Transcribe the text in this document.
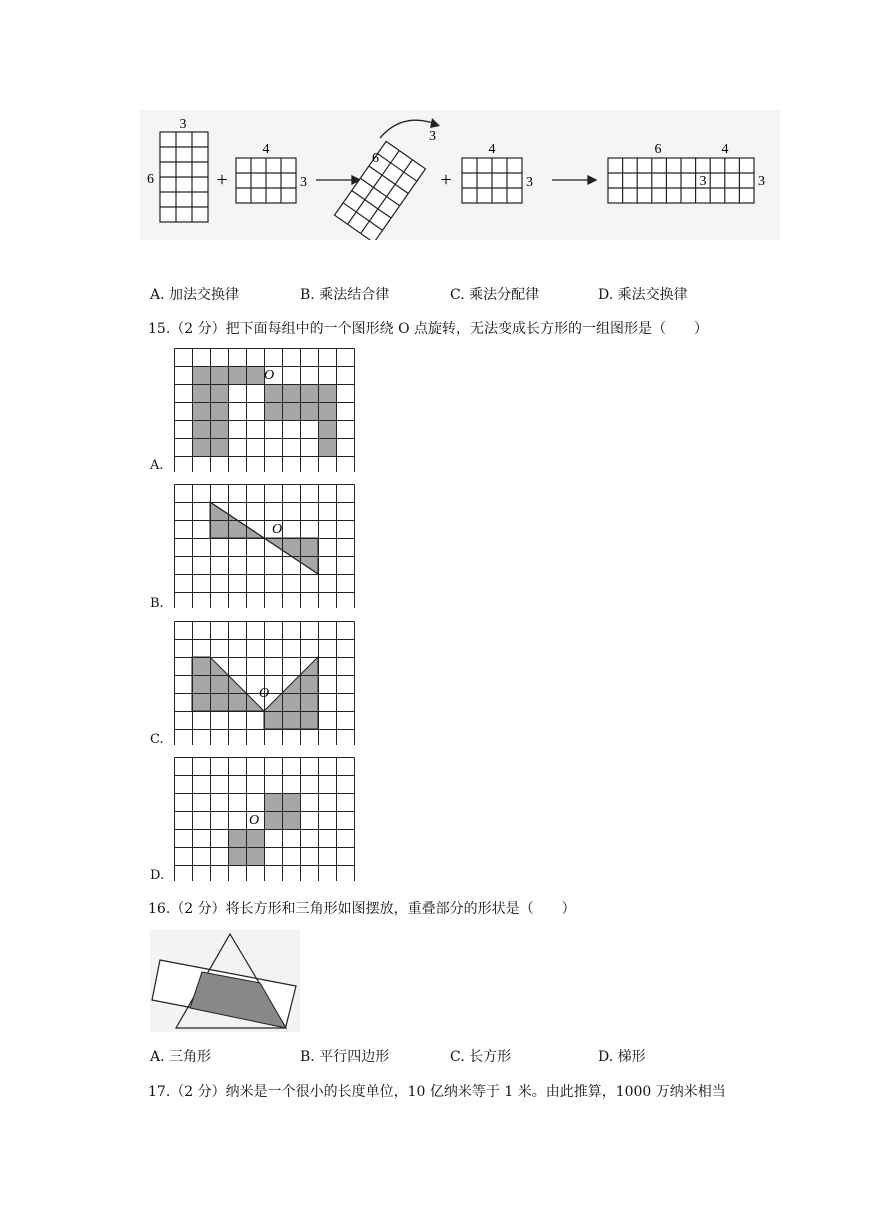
3
6	+
4
3
3
6
+
4
3
6	4
3	3
A. 加法交换律	B. 乘法结合律	C. 乘法分配律	D. 乘法交换律
15.（2 分）把下面每组中的一个图形绕 O 点旋转，无法变成长方形的一组图形是（　　）
O
A.
O
B.
O
C.
O
D.
16.（2 分）将长方形和三角形如图摆放，重叠部分的形状是（　　）
A. 三角形	B. 平行四边形	C. 长方形	D. 梯形
17.（2 分）纳米是一个很小的长度单位，10 亿纳米等于 1 米。由此推算，1000 万纳米相当
